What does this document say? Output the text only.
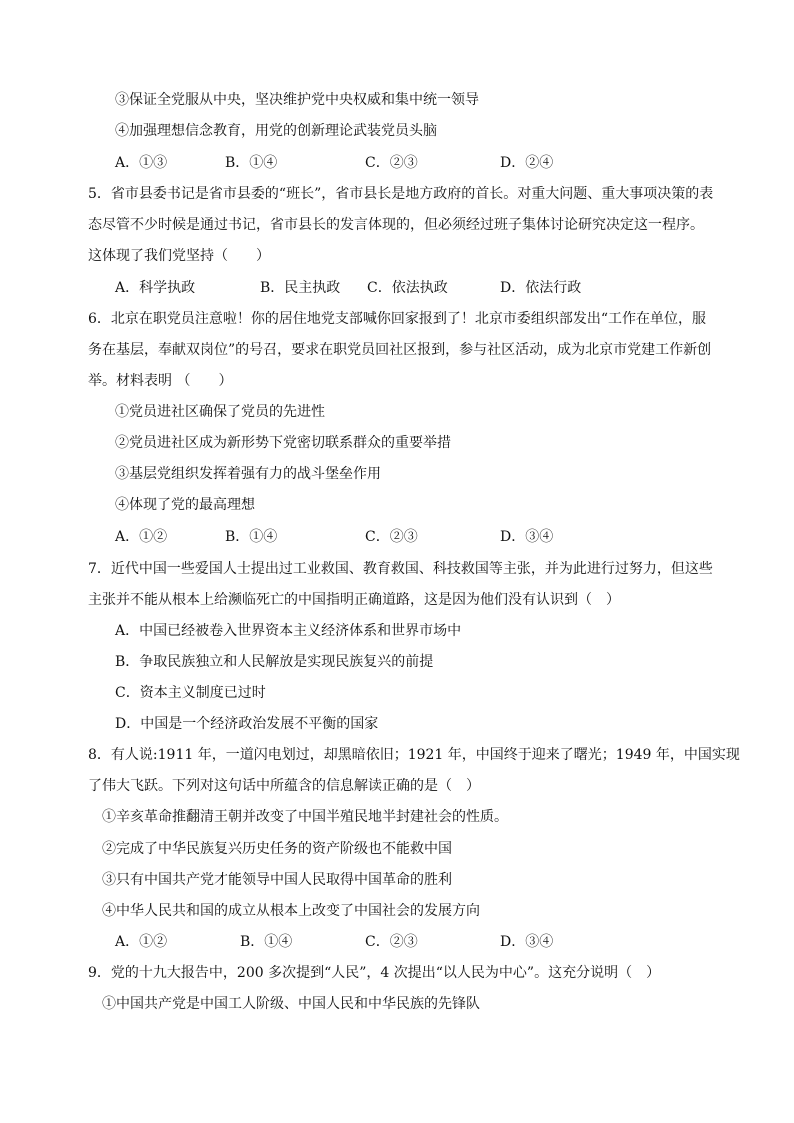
③保证全党服从中央，坚决维护党中央权威和集中统一领导
④加强理想信念教育，用党的创新理论武装党员头脑
A．①③	B．①④	C．②③	D．②④
5．省市县委书记是省市县委的“班长”，省市县长是地方政府的首长。对重大问题、重大事项决策的表
态尽管不少时候是通过书记，省市县长的发言体现的，但必须经过班子集体讨论研究决定这一程序。
这体现了我们党坚持（　　）
A．科学执政	B．民主执政 C．依法执政	D．依法行政
6．北京在职党员注意啦！你的居住地党支部喊你回家报到了！北京市委组织部发出“工作在单位，服
务在基层，奉献双岗位”的号召，要求在职党员回社区报到，参与社区活动，成为北京市党建工作新创
举。材料表明 （　　）
①党员进社区确保了党员的先进性
②党员进社区成为新形势下党密切联系群众的重要举措
③基层党组织发挥着强有力的战斗堡垒作用
④体现了党的最高理想
A．①②	B．①④	C．②③	D．③④
7．近代中国一些爱国人士提出过工业救国、教育救国、科技救国等主张，并为此进行过努力，但这些
主张并不能从根本上给濒临死亡的中国指明正确道路，这是因为他们没有认识到（　）
A．中国已经被卷入世界资本主义经济体系和世界市场中
B．争取民族独立和人民解放是实现民族复兴的前提
C．资本主义制度已过时
D．中国是一个经济政治发展不平衡的国家
8．有人说:1911 年，一道闪电划过，却黑暗依旧；1921 年，中国终于迎来了曙光；1949 年，中国实现
了伟大飞跃。下列对这句话中所蕴含的信息解读正确的是（　）
①辛亥革命推翻清王朝并改变了中国半殖民地半封建社会的性质。
②完成了中华民族复兴历史任务的资产阶级也不能救中国
③只有中国共产党才能领导中国人民取得中国革命的胜利
④中华人民共和国的成立从根本上改变了中国社会的发展方向
A．①②	B．①④	C．②③	D．③④
9．党的十九大报告中，200 多次提到“人民”，4 次提出“以人民为中心”。这充分说明（　）
①中国共产党是中国工人阶级、中国人民和中华民族的先锋队
